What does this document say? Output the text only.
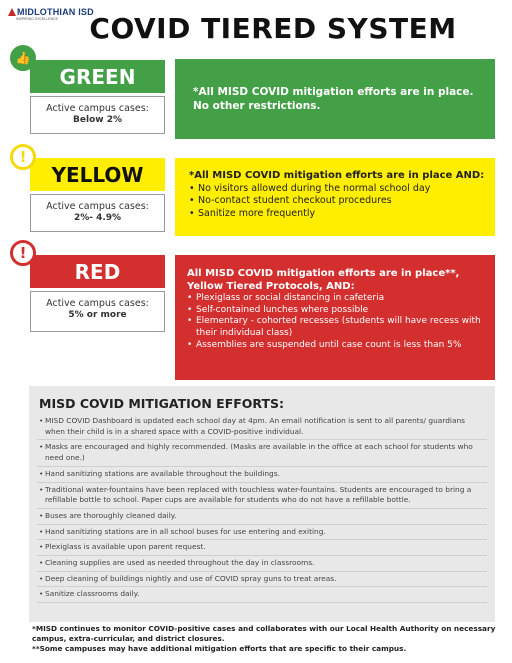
MIDLOTHIAN ISD
INSPIRING EXCELLENCE	COVID TIERED SYSTEM
GREEN
👍
Active campus cases:
Below 2%
*All MISD COVID mitigation efforts are in place.
No other restrictions.
YELLOW
!
Active campus cases:
2%- 4.9%
*All MISD COVID mitigation efforts are in place AND:
• No visitors allowed during the normal school day
• No-contact student checkout procedures
• Sanitize more frequently
RED
!
Active campus cases:
5% or more
All MISD COVID mitigation efforts are in place**,
Yellow Tiered Protocols, AND:
• Plexiglass or social distancing in cafeteria
• Self-contained lunches where possible
• Elementary - cohorted recesses (students will have recess with their individual class)
• Assemblies are suspended until case count is less than 5%
MISD COVID MITIGATION EFFORTS:
• MISD COVID Dashboard is updated each school day at 4pm. An email notification is sent to all parents/ guardians when their child is in a shared space with a COVID-positive individual.
• Masks are encouraged and highly recommended. (Masks are available in the office at each school for students who need one.)
• Hand sanitizing stations are available throughout the buildings.
• Traditional water-fountains have been replaced with touchless water-fountains. Students are encouraged to bring a refillable bottle to school. Paper cups are available for students who do not have a refillable bottle.
• Buses are thoroughly cleaned daily.
• Hand sanitizing stations are in all school buses for use entering and exiting.
• Plexiglass is available upon parent request.
• Cleaning supplies are used as needed throughout the day in classrooms.
• Deep cleaning of buildings nightly and use of COVID spray guns to treat areas.
• Sanitize classrooms daily.
*MISD continues to monitor COVID-positive cases and collaborates with our Local Health Authority on necessary campus, extra-curricular, and district closures.
**Some campuses may have additional mitigation efforts that are specific to their campus.
